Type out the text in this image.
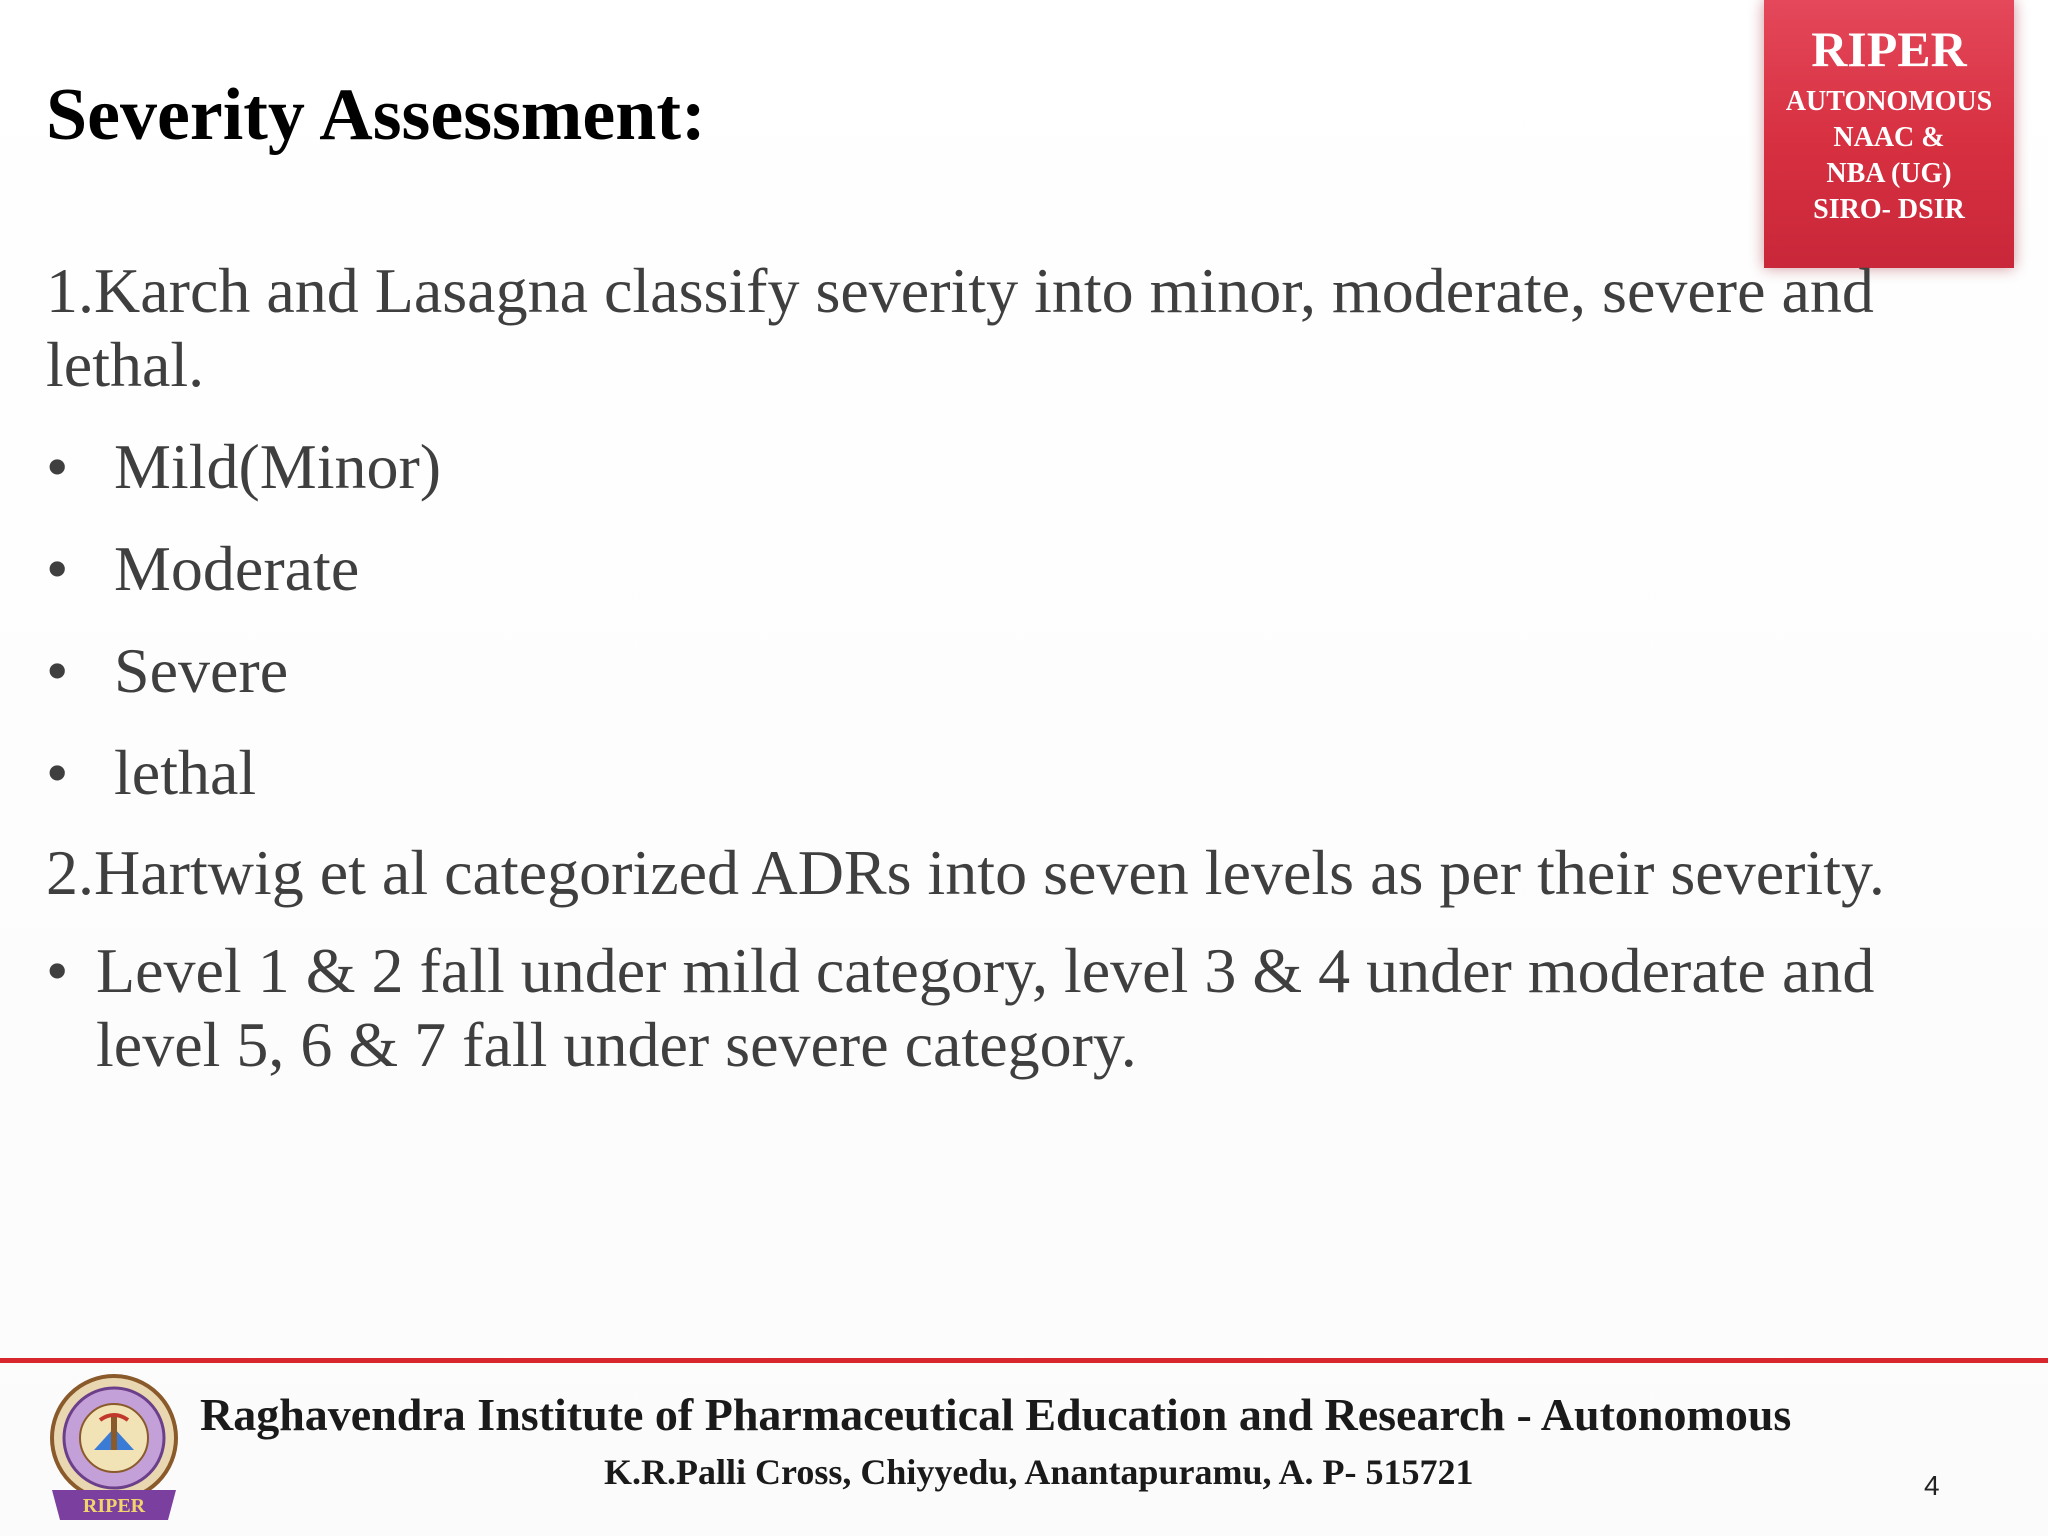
Severity Assessment:
RIPER
AUTONOMOUS
NAAC &
NBA (UG)
SIRO- DSIR

1.Karch and Lasagna classify severity into minor, moderate, severe and lethal.

• Mild(Minor)
• Moderate
• Severe
• lethal

2.Hartwig et al categorized ADRs into seven levels as per their severity.

• Level 1 & 2 fall under mild category, level 3 & 4 under moderate and level 5, 6 & 7 fall under severe category.
RIPER
Raghavendra Institute of Pharmaceutical Education and Research - Autonomous
K.R.Palli Cross, Chiyyedu, Anantapuramu, A. P- 515721	4
